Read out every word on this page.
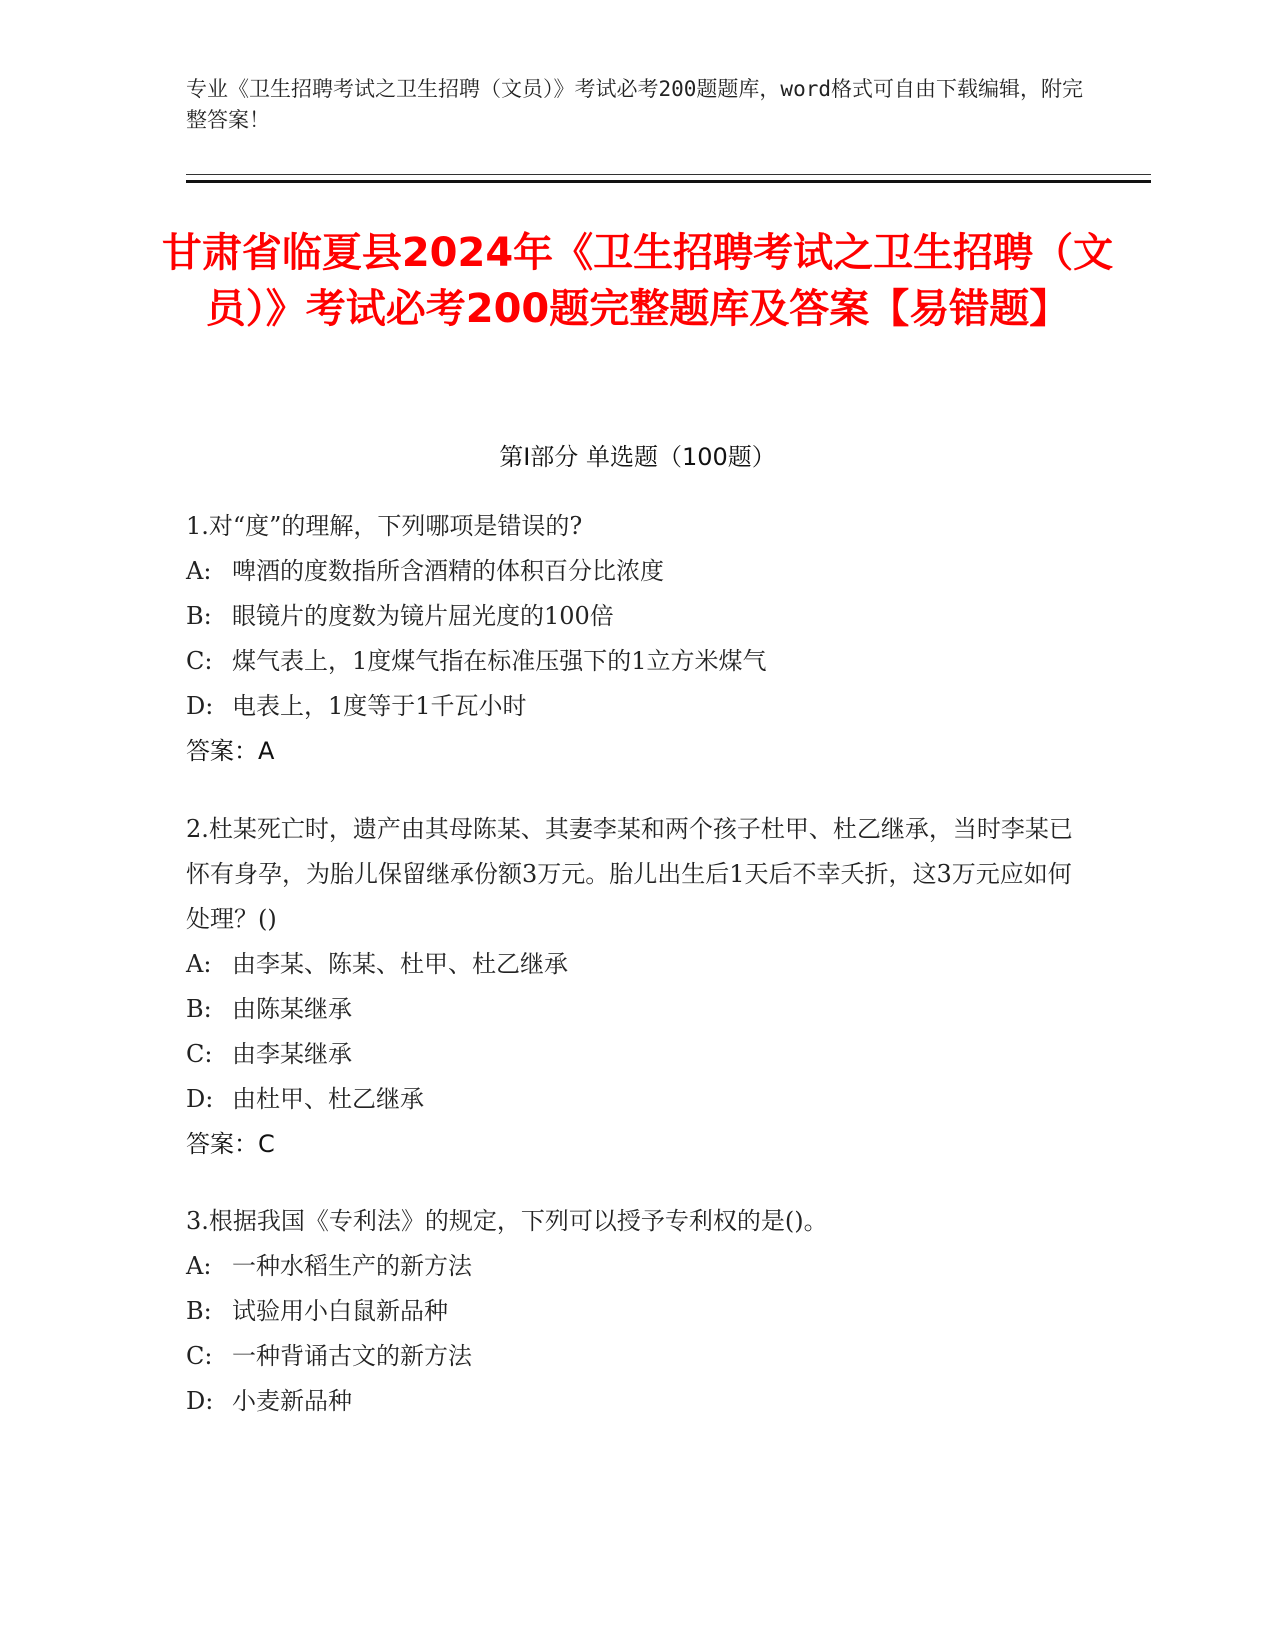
专业《卫生招聘考试之卫生招聘（文员）》考试必考200题题库，word格式可自由下载编辑，附完整答案！
甘肃省临夏县2024年《卫生招聘考试之卫生招聘（文员）》考试必考200题完整题库及答案【易错题】
第I部分 单选题（100题）
1.对“度”的理解，下列哪项是错误的?
A: 啤酒的度数指所含酒精的体积百分比浓度
B: 眼镜片的度数为镜片屈光度的100倍
C: 煤气表上，1度煤气指在标准压强下的1立方米煤气
D: 电表上，1度等于1千瓦小时
答案：A
2.杜某死亡时，遗产由其母陈某、其妻李某和两个孩子杜甲、杜乙继承，当时李某已怀有身孕，为胎儿保留继承份额3万元。胎儿出生后1天后不幸夭折，这3万元应如何处理？()
A: 由李某、陈某、杜甲、杜乙继承
B: 由陈某继承
C: 由李某继承
D: 由杜甲、杜乙继承
答案：C
3.根据我国《专利法》的规定，下列可以授予专利权的是()。
A: 一种水稻生产的新方法
B: 试验用小白鼠新品种
C: 一种背诵古文的新方法
D: 小麦新品种
